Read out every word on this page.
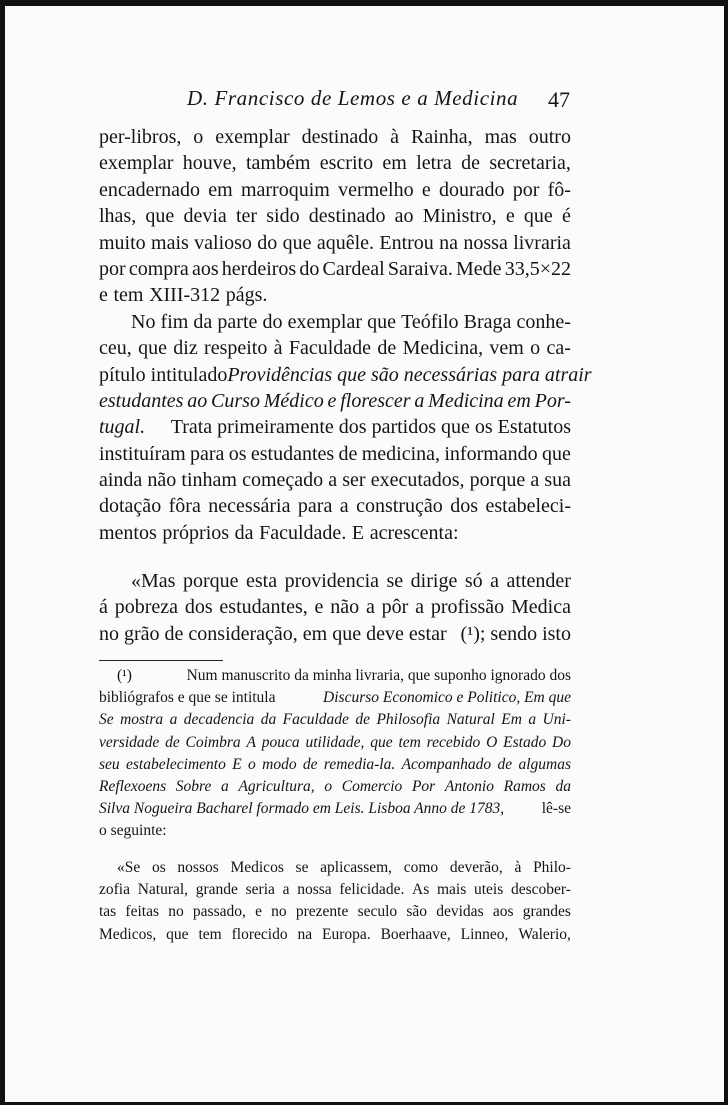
D. Francisco de Lemos e a Medicina 47
per-libros, o exemplar destinado à Rainha, mas outro
exemplar houve, também escrito em letra de secretaria,
encadernado em marroquim vermelho e dourado por fô-
lhas, que devia ter sido destinado ao Ministro, e que é
muito mais valioso do que aquêle. Entrou na nossa livraria
por compra aos herdeiros do Cardeal Saraiva. Mede 33,5×22
e tem XIII-312 págs.
No fim da parte do exemplar que Teófilo Braga conhe-
ceu, que diz respeito à Faculdade de Medicina, vem o ca-
pítulo intitulado Providências que são necessárias para atrair
estudantes ao Curso Médico e florescer a Medicina em Por-
tugal. Trata primeiramente dos partidos que os Estatutos
instituíram para os estudantes de medicina, informando que
ainda não tinham começado a ser executados, porque a sua
dotação fôra necessária para a construção dos estabeleci-
mentos próprios da Faculdade. E acrescenta:
«Mas porque esta providencia se dirige só a attender
á pobreza dos estudantes, e não a pôr a profissão Medica
no grão de consideração, em que deve estar (¹); sendo isto
(¹)	Num manuscrito da minha livraria, que suponho ignorado dos
bibliógrafos e que se intitula	Discurso Economico e Politico, Em que
Se mostra a decadencia da Faculdade de Philosofia Natural Em a Uni-
versidade de Coimbra A pouca utilidade, que tem recebido O Estado Do
seu estabelecimento E o modo de remedia-la. Acompanhado de algumas
Reflexoens Sobre a Agricultura, o Comercio Por Antonio Ramos da
Silva Nogueira Bacharel formado em Leis. Lisboa Anno de 1783, lê-se
o seguinte:
«Se os nossos Medicos se aplicassem, como deverão, à Philo-
zofia Natural, grande seria a nossa felicidade. As mais uteis descober-
tas feitas no passado, e no prezente seculo são devidas aos grandes
Medicos, que tem florecido na Europa. Boerhaave, Linneo, Walerio,
